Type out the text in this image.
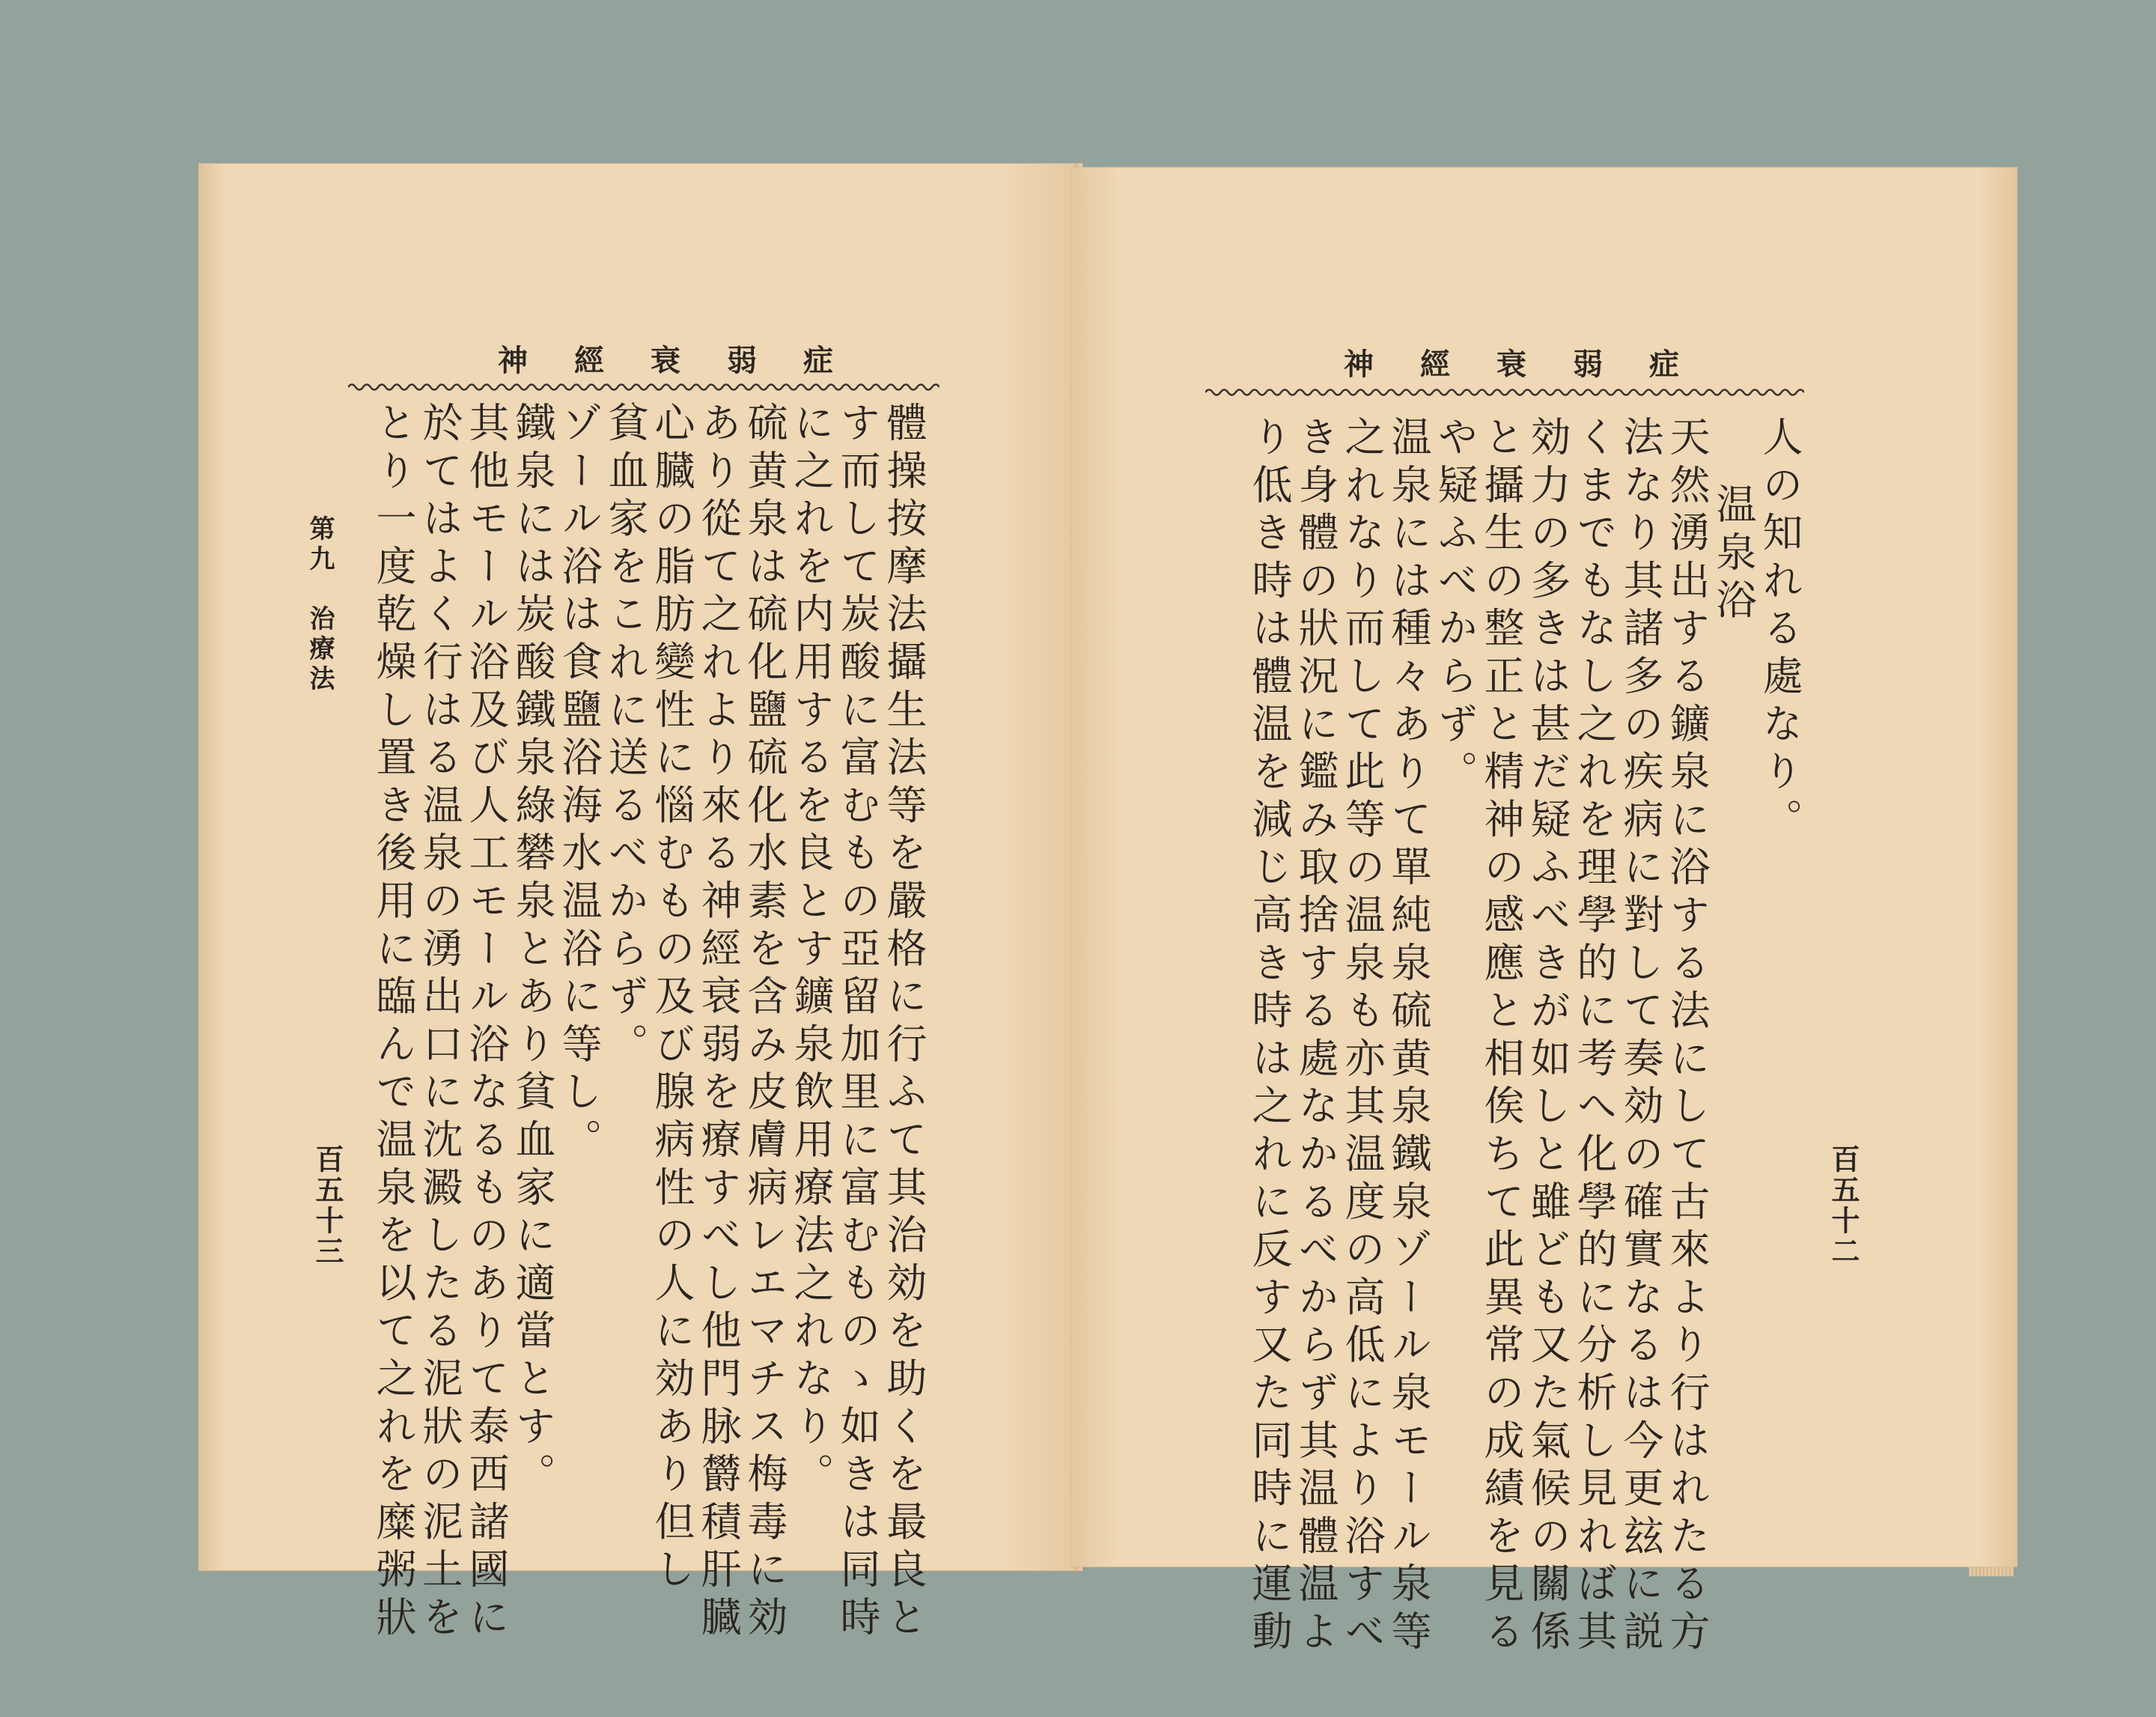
神經衰弱症
體操按摩法攝生法等を嚴格に行ふて其治効を助くを最良と
す而して炭酸に富むもの亞留加里に富むものゝ如きは同時
に之れを内用するを良とす鑛泉飲用療法之れなり。
硫黄泉は硫化鹽硫化水素を含み皮膚病レエマチス梅毒に効
あり從て之れより來る神經衰弱を療すべし他門脉欝積肝臓
心臓の脂肪變性に惱むもの及び腺病性の人に効あり但し
貧血家をこれに送るべからず。
ゾール浴は食鹽浴海水温浴に等し。
鐵泉には炭酸鐵泉綠礬泉とあり貧血家に適當とす。
其他モール浴及び人工モール浴なるものありて泰西諸國に
於てはよく行はる温泉の湧出口に沈澱したる泥狀の泥土を
とり一度乾燥し置き後用に臨んで温泉を以て之れを糜粥狀
第九　治療法
百五十三
神經衰弱症
人の知れる處なり。
温泉浴
天然湧出する鑛泉に浴する法にして古來より行はれたる方
法なり其諸多の疾病に對して奏効の確實なるは今更玆に説
くまでもなし之れを理學的に考へ化學的に分析し見れば其
効力の多きは甚だ疑ふべきが如しと雖ども又た氣候の關係
と攝生の整正と精神の感應と相俟ちて此異常の成績を見る
や疑ふべからず。
温泉には種々ありて單純泉硫黄泉鐵泉ゾール泉モール泉等
之れなり而して此等の温泉も亦其温度の高低により浴すべ
き身體の狀況に鑑み取捨する處なかるべからず其温體温よ
り低き時は體温を減じ高き時は之れに反す又た同時に運動	百五十二
